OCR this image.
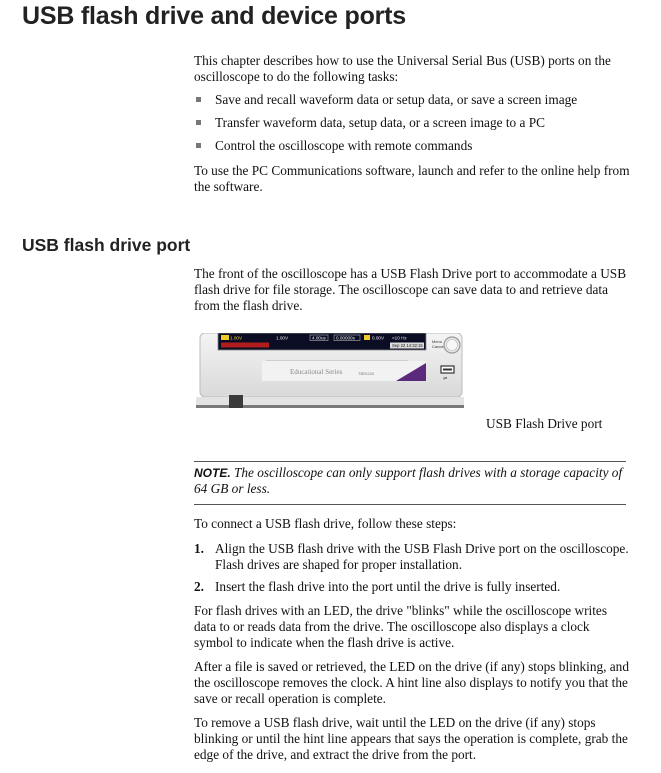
USB flash drive and device ports

This chapter describes how to use the Universal Serial Bus (USB) ports on the oscilloscope to do the following tasks:

Save and recall waveform data or setup data, or save a screen image
Transfer waveform data, setup data, or a screen image to a PC
Control the oscilloscope with remote commands

To use the PC Communications software, launch and refer to the online help from the software.

USB flash drive port

The front of the oscilloscope has a USB Flash Drive port to accommodate a USB flash drive for file storage. The oscilloscope can save data to and retrieve data from the flash drive.

1.00V	1.00V	4.00us 0.00000s	0.00V <10 Hz
Sep 22 14:32:15
Menu
Cancel
Educational Series	TBS1102
⇌
USB Flash Drive port
NOTE. The oscilloscope can only support flash drives with a storage capacity of 64 GB or less.

To connect a USB flash drive, follow these steps:

1. Align the USB flash drive with the USB Flash Drive port on the oscilloscope. Flash drives are shaped for proper installation.
2. Insert the flash drive into the port until the drive is fully inserted.

For flash drives with an LED, the drive "blinks" while the oscilloscope writes data to or reads data from the drive. The oscilloscope also displays a clock symbol to indicate when the flash drive is active.

After a file is saved or retrieved, the LED on the drive (if any) stops blinking, and the oscilloscope removes the clock. A hint line also displays to notify you that the save or recall operation is complete.

To remove a USB flash drive, wait until the LED on the drive (if any) stops blinking or until the hint line appears that says the operation is complete, grab the edge of the drive, and extract the drive from the port.
